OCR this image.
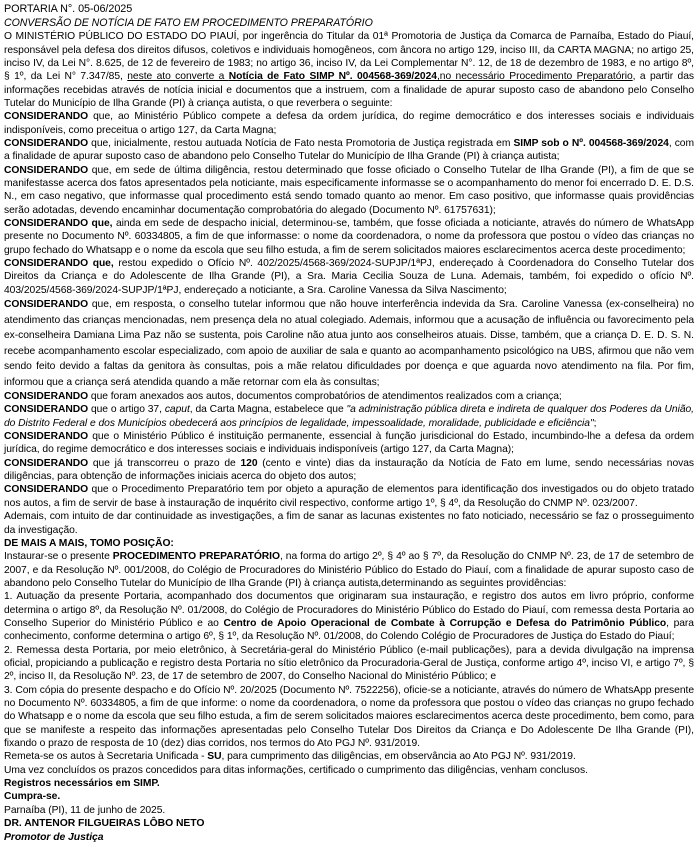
PORTARIA N°. 05-06/2025

CONVERSÃO DE NOTÍCIA DE FATO EM PROCEDIMENTO PREPARATÓRIO

O MINISTÉRIO PÚBLICO DO ESTADO DO PIAUÍ, por ingerência do Titular da 01ª Promotoria de Justiça da Comarca de Parnaíba, Estado do Piauí, responsável pela defesa dos direitos difusos, coletivos e individuais homogêneos, com âncora no artigo 129, inciso III, da CARTA MAGNA; no artigo 25, inciso IV, da Lei N°. 8.625, de 12 de fevereiro de 1983; no artigo 36, inciso IV, da Lei Complementar N°. 12, de 18 de dezembro de 1983, e no artigo 8º, § 1º, da Lei N° 7.347/85, neste ato converte a Notícia de Fato SIMP Nº. 004568-369/2024,no necessário Procedimento Preparatório, a partir das informações recebidas através de notícia inicial e documentos que a instruem, com a finalidade de apurar suposto caso de abandono pelo Conselho Tutelar do Município de Ilha Grande (PI) à criança autista, o que reverbera o seguinte:

CONSIDERANDO que, ao Ministério Público compete a defesa da ordem jurídica, do regime democrático e dos interesses sociais e individuais indisponíveis, como preceitua o artigo 127, da Carta Magna;

CONSIDERANDO que, inicialmente, restou autuada Notícia de Fato nesta Promotoria de Justiça registrada em SIMP sob o Nº. 004568-369/2024, com a finalidade de apurar suposto caso de abandono pelo Conselho Tutelar do Município de Ilha Grande (PI) à criança autista;

CONSIDERANDO que, em sede de última diligência, restou determinado que fosse oficiado o Conselho Tutelar de Ilha Grande (PI), a fim de que se manifestasse acerca dos fatos apresentados pela noticiante, mais especificamente informasse se o acompanhamento do menor foi encerrado D. E. D.S. N., em caso negativo, que informasse qual procedimento está sendo tomado quanto ao menor. Em caso positivo, que informasse quais providências serão adotadas, devendo encaminhar documentação comprobatória do alegado (Documento Nº. 61757631);

CONSIDERANDO que, ainda em sede de despacho inicial, determinou-se, também, que fosse oficiada a noticiante, através do número de WhatsApp presente no Documento Nº. 60334805, a fim de que informasse: o nome da coordenadora, o nome da professora que postou o vídeo das crianças no grupo fechado do Whatsapp e o nome da escola que seu filho estuda, a fim de serem solicitados maiores esclarecimentos acerca deste procedimento;

CONSIDERANDO que, restou expedido o Ofício Nº. 402/2025/4568-369/2024-SUPJP/1ªPJ, endereçado à Coordenadora do Conselho Tutelar dos Direitos da Criança e do Adolescente de Ilha Grande (PI), a Sra. Maria Cecilia Souza de Luna. Ademais, também, foi expedido o ofício Nº. 403/2025/4568-369/2024-SUPJP/1ªPJ, endereçado a noticiante, a Sra. Caroline Vanessa da Silva Nascimento;

CONSIDERANDO que, em resposta, o conselho tutelar informou que não houve interferência indevida da Sra. Caroline Vanessa (ex-conselheira) no atendimento das crianças mencionadas, nem presença dela no atual colegiado. Ademais, informou que a acusação de influência ou favorecimento pela ex-conselheira Damiana Lima Paz não se sustenta, pois Caroline não atua junto aos conselheiros atuais. Disse, também, que a criança D. E. D. S. N. recebe acompanhamento escolar especializado, com apoio de auxiliar de sala e quanto ao acompanhamento psicológico na UBS, afirmou que não vem sendo feito devido a faltas da genitora às consultas, pois a mãe relatou dificuldades por doença e que aguarda novo atendimento na fila. Por fim, informou que a criança será atendida quando a mãe retornar com ela às consultas;

CONSIDERANDO que foram anexados aos autos, documentos comprobatórios de atendimentos realizados com a criança;

CONSIDERANDO que o artigo 37, caput, da Carta Magna, estabelece que "a administração pública direta e indireta de qualquer dos Poderes da União, do Distrito Federal e dos Municípios obedecerá aos princípios de legalidade, impessoalidade, moralidade, publicidade e eficiência";

CONSIDERANDO que o Ministério Público é instituição permanente, essencial à função jurisdicional do Estado, incumbindo-lhe a defesa da ordem jurídica, do regime democrático e dos interesses sociais e individuais indisponíveis (artigo 127, da Carta Magna);

CONSIDERANDO que já transcorreu o prazo de 120 (cento e vinte) dias da instauração da Notícia de Fato em lume, sendo necessárias novas diligências, para obtenção de informações iniciais acerca do objeto dos autos;

CONSIDERANDO que o Procedimento Preparatório tem por objeto a apuração de elementos para identificação dos investigados ou do objeto tratado nos autos, a fim de servir de base à instauração de inquérito civil respectivo, conforme artigo 1º, § 4º, da Resolução do CNMP Nº. 023/2007.

Ademais, com intuito de dar continuidade as investigações, a fim de sanar as lacunas existentes no fato noticiado, necessário se faz o prosseguimento da investigação.

DE MAIS A MAIS, TOMO POSIÇÃO:

Instaurar-se o presente PROCEDIMENTO PREPARATÓRIO, na forma do artigo 2º, § 4º ao § 7º, da Resolução do CNMP Nº. 23, de 17 de setembro de 2007, e da Resolução Nº. 001/2008, do Colégio de Procuradores do Ministério Público do Estado do Piauí, com a finalidade de apurar suposto caso de abandono pelo Conselho Tutelar do Município de Ilha Grande (PI) à criança autista,determinando as seguintes providências:

1. Autuação da presente Portaria, acompanhado dos documentos que originaram sua instauração, e registro dos autos em livro próprio, conforme determina o artigo 8º, da Resolução Nº. 01/2008, do Colégio de Procuradores do Ministério Público do Estado do Piauí, com remessa desta Portaria ao Conselho Superior do Ministério Público e ao Centro de Apoio Operacional de Combate à Corrupção e Defesa do Patrimônio Público, para conhecimento, conforme determina o artigo 6º, § 1º, da Resolução Nº. 01/2008, do Colendo Colégio de Procuradores de Justiça do Estado do Piauí;

2. Remessa desta Portaria, por meio eletrônico, à Secretária-geral do Ministério Público (e-mail publicações), para a devida divulgação na imprensa oficial, propiciando a publicação e registro desta Portaria no sítio eletrônico da Procuradoria-Geral de Justiça, conforme artigo 4º, inciso VI, e artigo 7º, § 2º, inciso II, da Resolução Nº. 23, de 17 de setembro de 2007, do Conselho Nacional do Ministério Público; e

3. Com cópia do presente despacho e do Ofício Nº. 20/2025 (Documento Nº. 7522256), oficie-se a noticiante, através do número de WhatsApp presente no Documento Nº. 60334805, a fim de que informe: o nome da coordenadora, o nome da professora que postou o vídeo das crianças no grupo fechado do Whatsapp e o nome da escola que seu filho estuda, a fim de serem solicitados maiores esclarecimentos acerca deste procedimento, bem como, para que se manifeste a respeito das informações apresentadas pelo Conselho Tutelar Dos Direitos da Criança e Do Adolescente De Ilha Grande (PI), fixando o prazo de resposta de 10 (dez) dias corridos, nos termos do Ato PGJ Nº. 931/2019.

Remeta-se os autos à Secretaria Unificada - SU, para cumprimento das diligências, em observância ao Ato PGJ Nº. 931/2019.

Uma vez concluídos os prazos concedidos para ditas informações, certificado o cumprimento das diligências, venham conclusos.

Registros necessários em SIMP.

Cumpra-se.

Parnaíba (PI), 11 de junho de 2025.

DR. ANTENOR FILGUEIRAS LÔBO NETO

Promotor de Justiça
